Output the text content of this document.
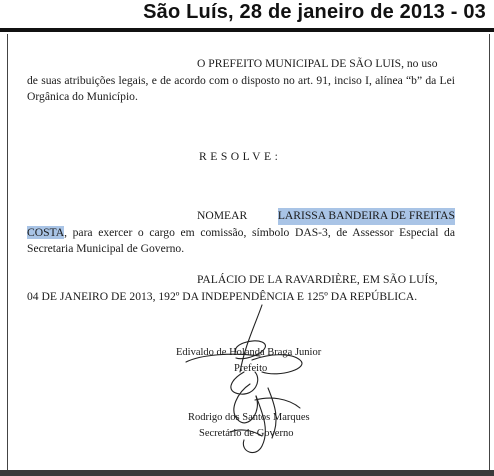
São Luís, 28 de janeiro de 2013 - 03
O PREFEITO MUNICIPAL DE SÃO LUIS, no uso
de suas atribuições legais, e de acordo com o disposto no art. 91, inciso I, alínea “b” da Lei Orgânica do Município.
RESOLVE:
NOMEAR	LARISSA BANDEIRA DE FREITAS
COSTA, para exercer o cargo em comissão, símbolo DAS-3, de Assessor Especial da Secretaria Municipal de Governo.
PALÁCIO DE LA RAVARDIÈRE, EM SÃO LUÍS,
04 DE JANEIRO DE 2013, 192º DA INDEPENDÊNCIA E 125º DA REPÚBLICA.
Edivaldo de Holanda Braga Junior
Prefeito
Rodrigo dos Santos Marques
Secretário de Governo
